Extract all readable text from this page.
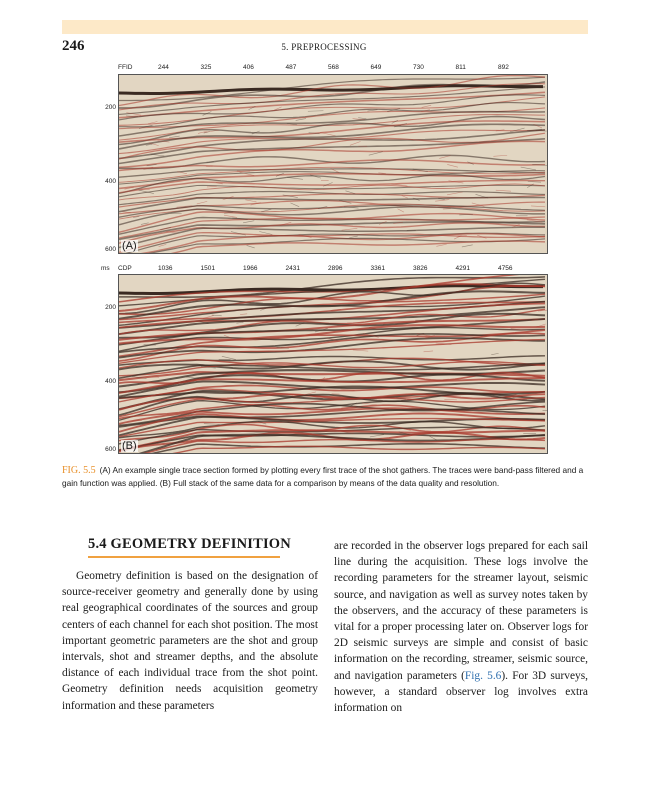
246	5. PREPROCESSING
FFID	244	325	406	487	568	649	730	811	892
200
400
600 (A)
ms CDP	1036	1501	1966	2431	2896	3361	3826	4291	4756
200
400
600 (B)
FIG. 5.5 (A) An example single trace section formed by plotting every first trace of the shot gathers. The traces were band-pass filtered and a gain function was applied. (B) Full stack of the same data for a comparison by means of the data quality and resolution.
5.4 GEOMETRY DEFINITION
Geometry definition is based on the designation of source-receiver geometry and generally done by using real geographical coordinates of the sources and group centers of each channel for each shot position. The most important geometric parameters are the shot and group intervals, shot and streamer depths, and the absolute distance of each individual trace from the shot point. Geometry definition needs acquisition geometry information and these parameters
are recorded in the observer logs prepared for each sail line during the acquisition. These logs involve the recording parameters for the streamer layout, seismic source, and navigation as well as survey notes taken by the observers, and the accuracy of these parameters is vital for a proper processing later on. Observer logs for 2D seismic surveys are simple and consist of basic information on the recording, streamer, seismic source, and navigation parameters (Fig. 5.6). For 3D surveys, however, a standard observer log involves extra information on
